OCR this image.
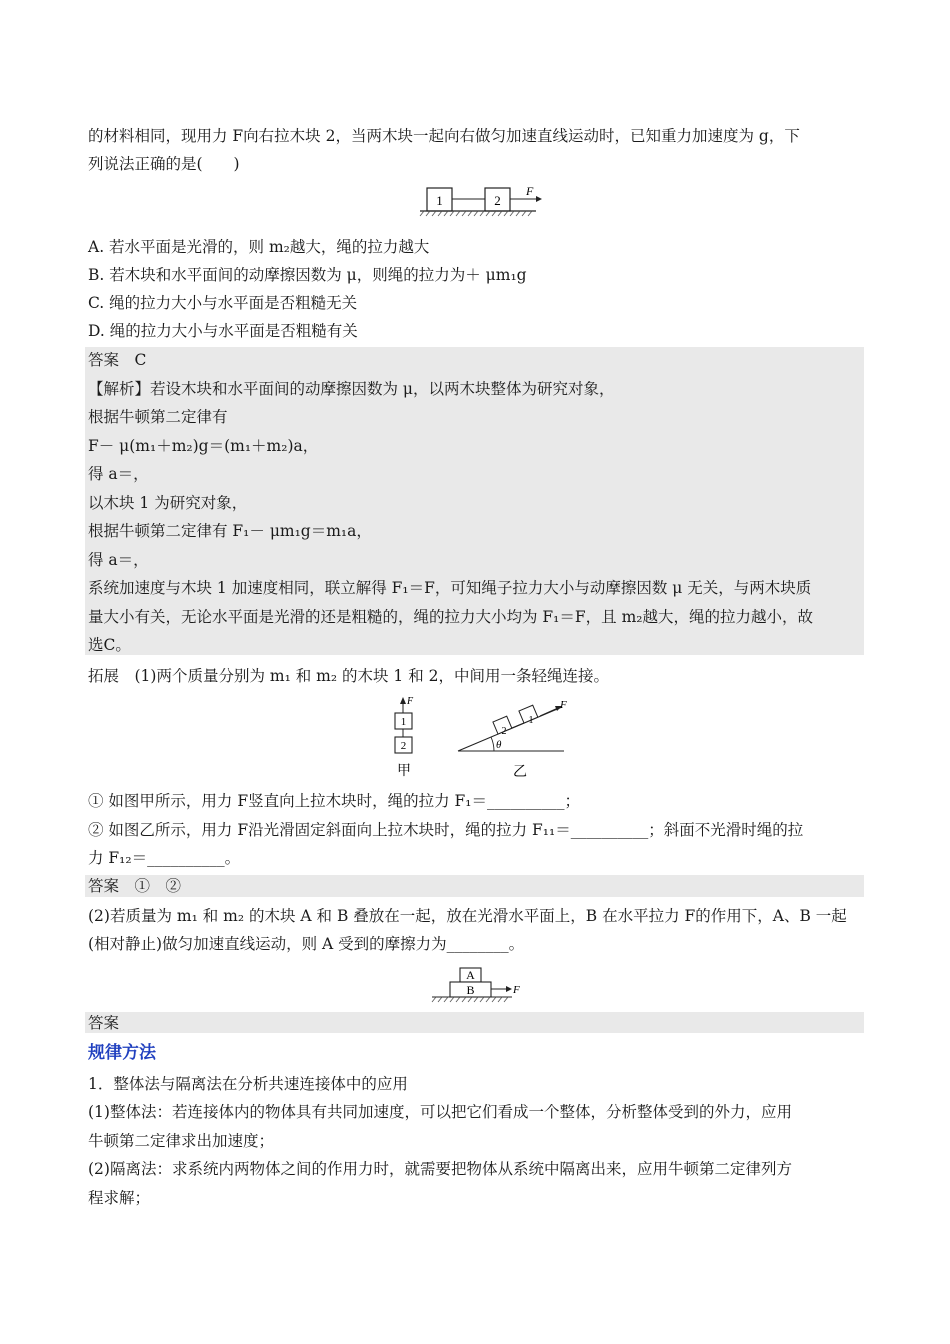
的材料相同，现用力 F向右拉木块 2，当两木块一起向右做匀加速直线运动时，已知重力加速度为 g，下
列说法正确的是(　　)
1	2
F
A. 若水平面是光滑的，则 m₂越大，绳的拉力越大
B. 若木块和水平面间的动摩擦因数为 μ，则绳的拉力为＋ μm₁g
C. 绳的拉力大小与水平面是否粗糙无关
D. 绳的拉力大小与水平面是否粗糙有关
答案　C
【解析】若设木块和水平面间的动摩擦因数为 μ，以两木块整体为研究对象，
根据牛顿第二定律有
F－ μ(m₁＋m₂)g＝(m₁＋m₂)a，
得 a＝，
以木块 1 为研究对象，
根据牛顿第二定律有 F₁－ μm₁g＝m₁a，
得 a＝，
系统加速度与木块 1 加速度相同，联立解得 F₁＝F，可知绳子拉力大小与动摩擦因数 μ 无关，与两木块质
量大小有关，无论水平面是光滑的还是粗糙的，绳的拉力大小均为 F₁＝F，且 m₂越大，绳的拉力越小，故
选C。
拓展　(1)两个质量分别为 m₁ 和 m₂ 的木块 1 和 2，中间用一条轻绳连接。
F
1
2
甲
2
1
F
θ
乙
① 如图甲所示，用力 F竖直向上拉木块时，绳的拉力 F₁＝__________；
② 如图乙所示，用力 F沿光滑固定斜面向上拉木块时，绳的拉力 F₁₁＝__________；斜面不光滑时绳的拉
力 F₁₂＝__________。
答案　①　②
(2)若质量为 m₁ 和 m₂ 的木块 A 和 B 叠放在一起，放在光滑水平面上，B 在水平拉力 F的作用下，A、B 一起
(相对静止)做匀加速直线运动，则 A 受到的摩擦力为________。
A
B	F
答案
规律方法
1．整体法与隔离法在分析共速连接体中的应用
(1)整体法：若连接体内的物体具有共同加速度，可以把它们看成一个整体，分析整体受到的外力，应用
牛顿第二定律求出加速度；
(2)隔离法：求系统内两物体之间的作用力时，就需要把物体从系统中隔离出来，应用牛顿第二定律列方
程求解；
